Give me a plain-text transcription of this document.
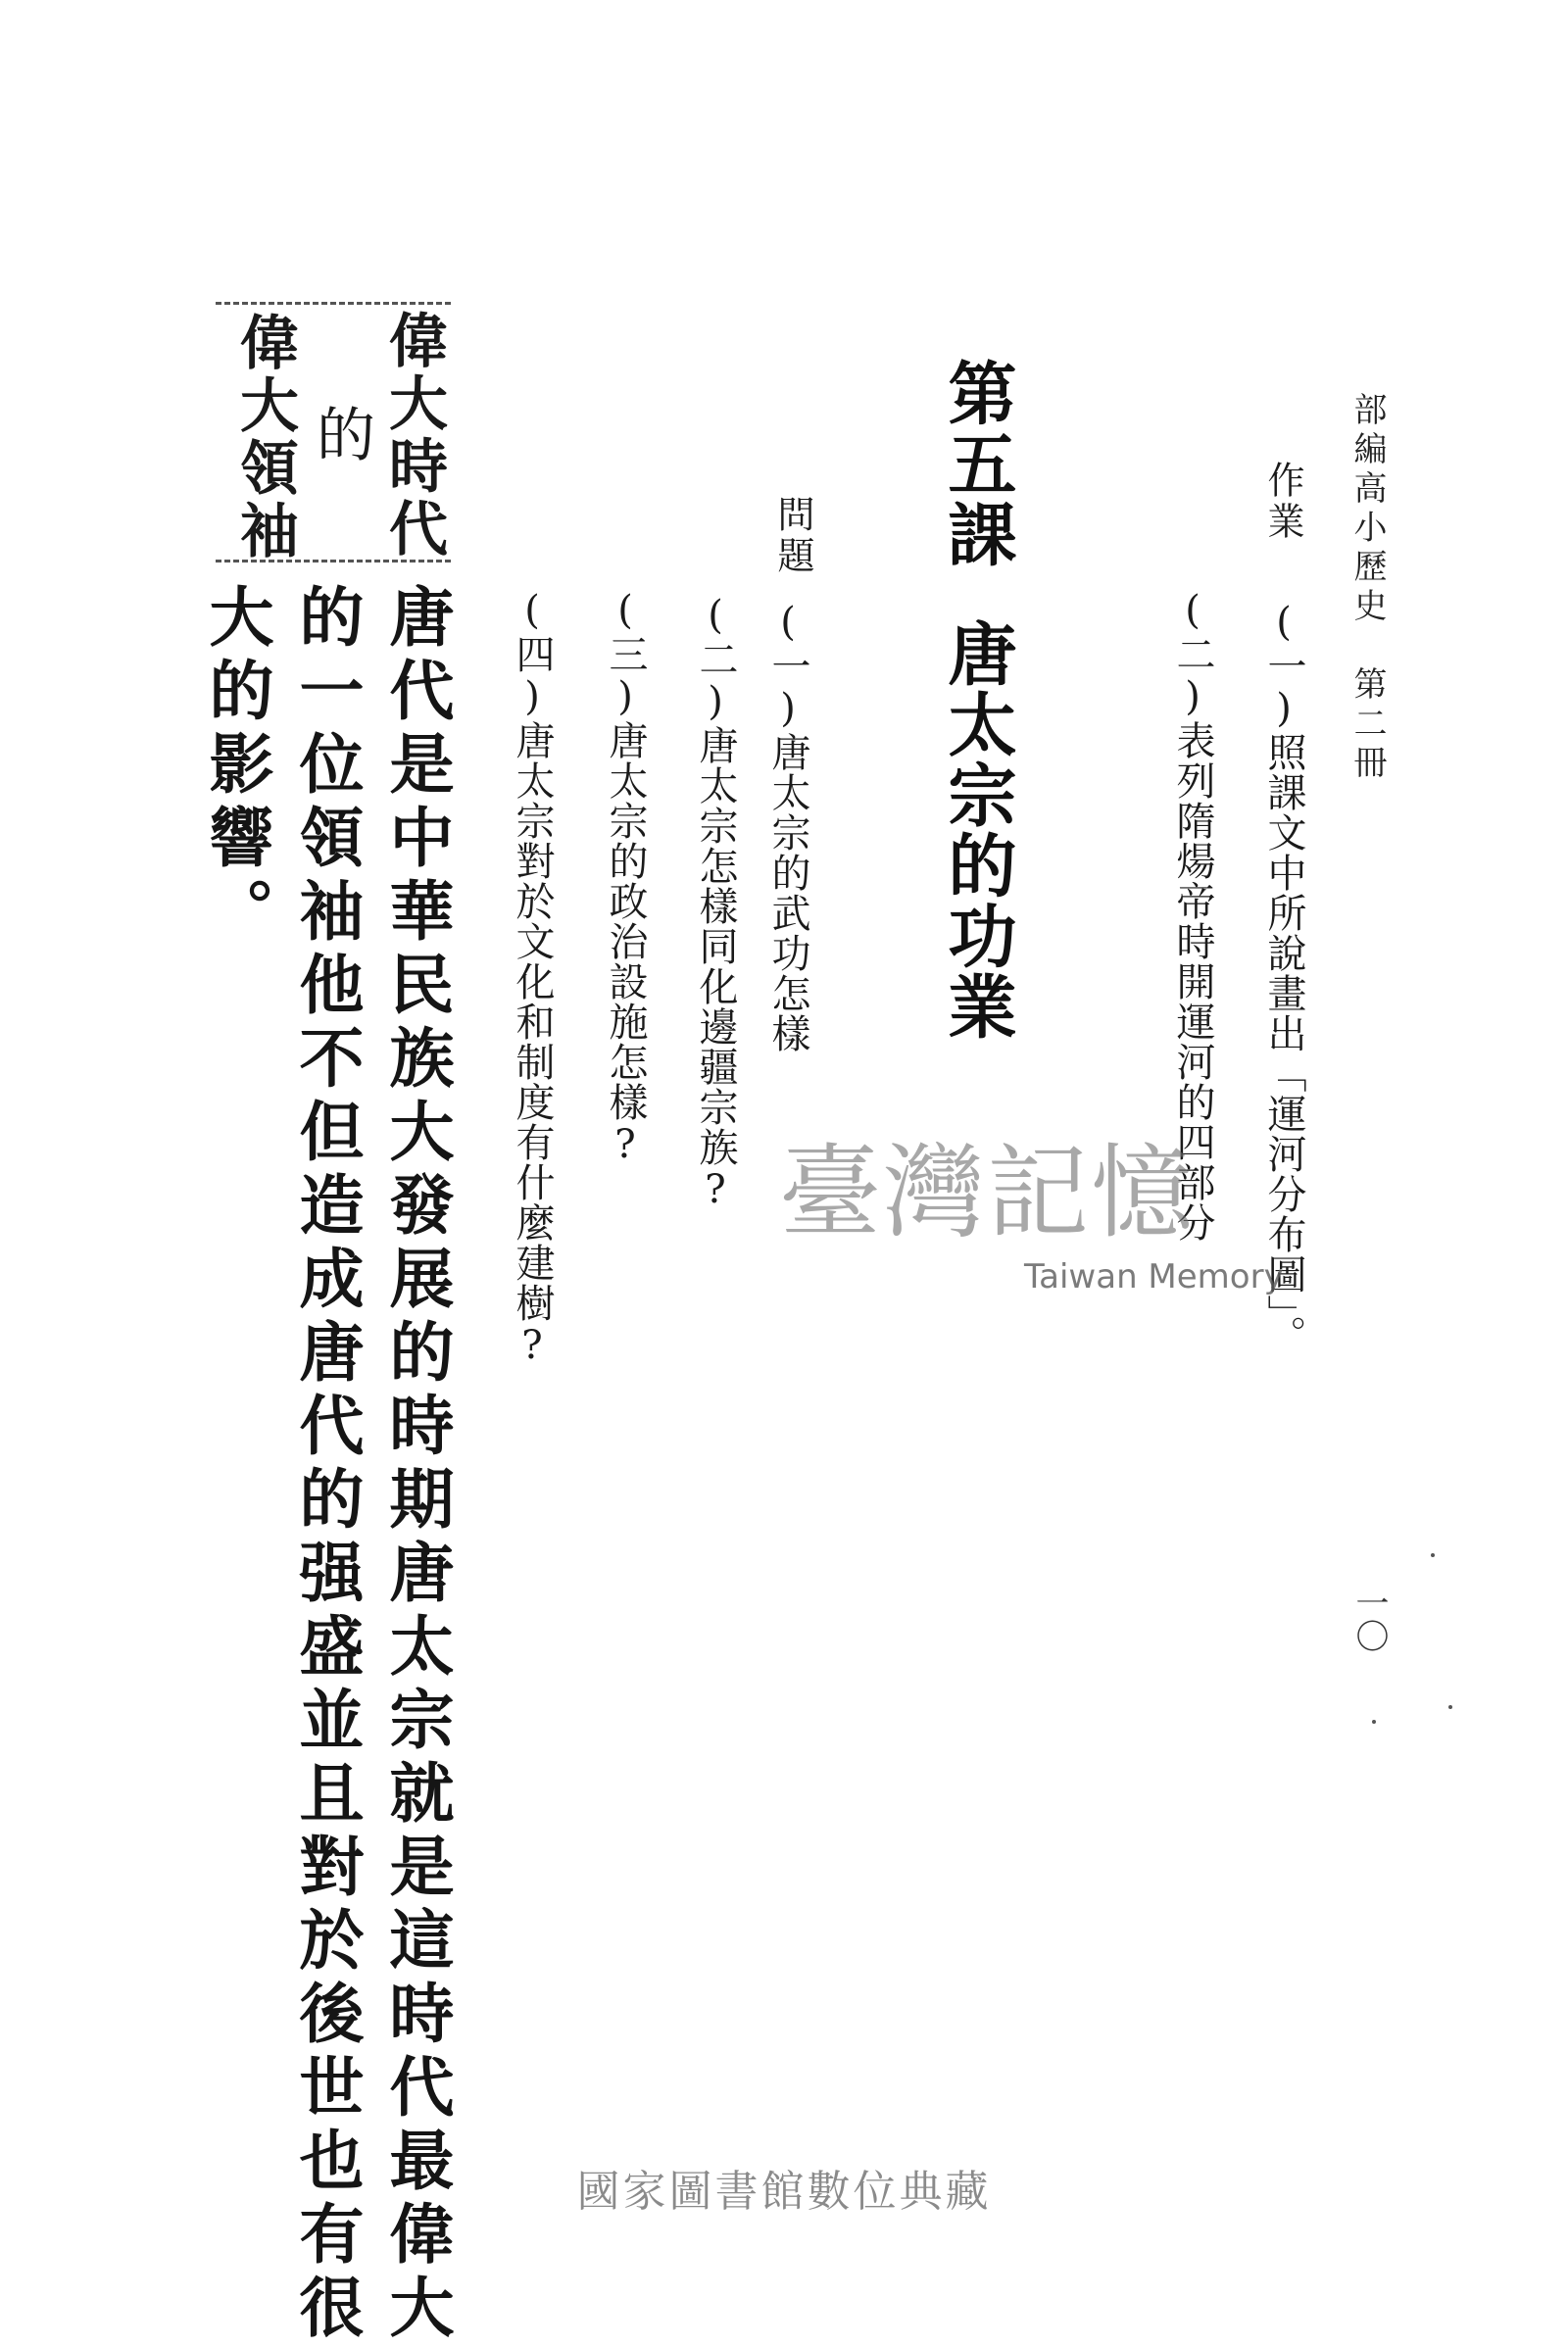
部編高小歷史　第二冊
作業
(一)照課文中所說畫出「運河分布圖」。
(二)表列隋煬帝時開運河的四部分
第五課唐太宗的功業
問題
(一)唐太宗的武功怎樣
(二)唐太宗怎樣同化邊疆宗族?
(三)唐太宗的政治設施怎樣?
(四)唐太宗對於文化和制度有什麼建樹?
偉大時代
的
偉大領袖
唐代是中華民族大發展的時期唐太宗就是這時代最偉大
的一位領袖他不但造成唐代的强盛並且對於後世也有很
大的影響。
一〇
臺灣記憶
Taiwan Memory
國家圖書館數位典藏
